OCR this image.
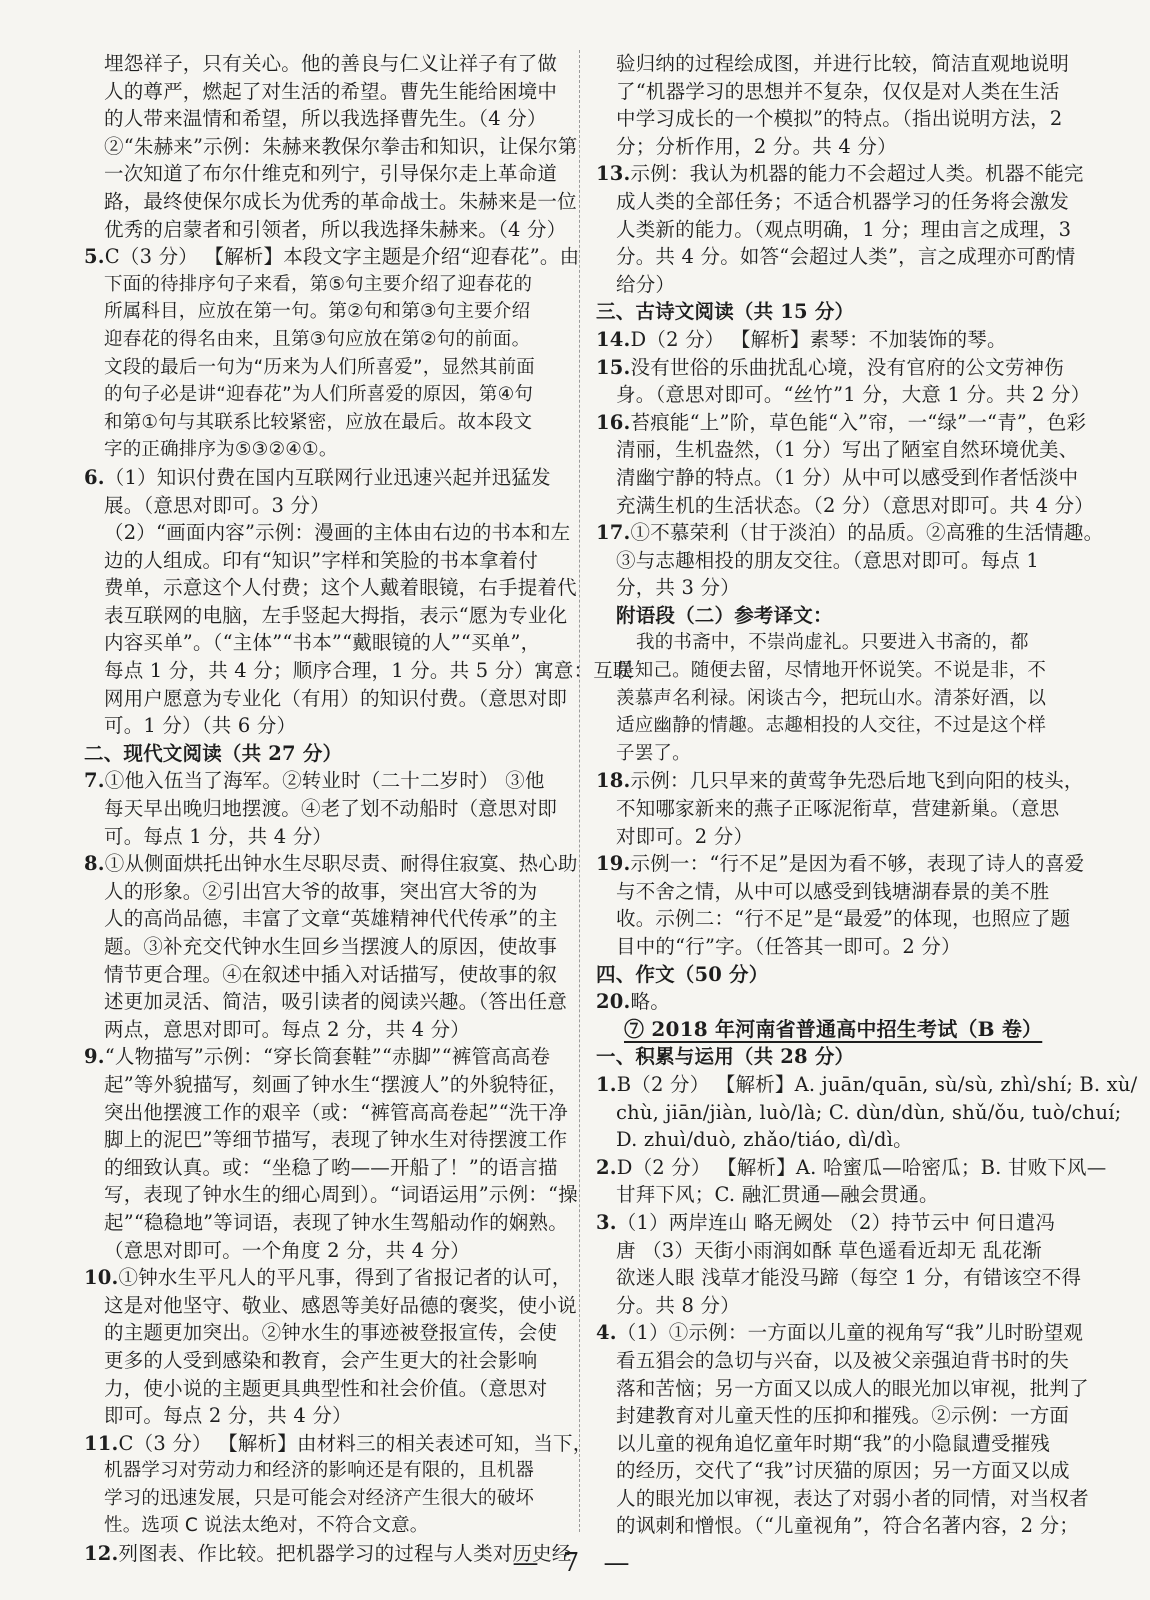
埋怨祥子，只有关心。他的善良与仁义让祥子有了做
人的尊严，燃起了对生活的希望。曹先生能给困境中
的人带来温情和希望，所以我选择曹先生。（4 分）
②“朱赫来”示例：朱赫来教保尔拳击和知识，让保尔第
一次知道了布尔什维克和列宁，引导保尔走上革命道
路，最终使保尔成长为优秀的革命战士。朱赫来是一位
优秀的启蒙者和引领者，所以我选择朱赫来。（4 分）
5.C（3 分） 【解析】本段文字主题是介绍“迎春花”。由
下面的待排序句子来看，第⑤句主要介绍了迎春花的
所属科目，应放在第一句。第②句和第③句主要介绍
迎春花的得名由来，且第③句应放在第②句的前面。
文段的最后一句为“历来为人们所喜爱”，显然其前面
的句子必是讲“迎春花”为人们所喜爱的原因，第④句
和第①句与其联系比较紧密，应放在最后。故本段文
字的正确排序为⑤③②④①。
6.（1）知识付费在国内互联网行业迅速兴起并迅猛发
展。（意思对即可。3 分）
（2）“画面内容”示例：漫画的主体由右边的书本和左
边的人组成。印有“知识”字样和笑脸的书本拿着付
费单，示意这个人付费；这个人戴着眼镜，右手提着代
表互联网的电脑，左手竖起大拇指，表示“愿为专业化
内容买单”。（“主体”“书本”“戴眼镜的人”“买单”，
每点 1 分，共 4 分；顺序合理，1 分。共 5 分）寓意：互联
网用户愿意为专业化（有用）的知识付费。（意思对即
可。1 分）（共 6 分）
二、现代文阅读（共 27 分）
7.①他入伍当了海军。②转业时（二十二岁时） ③他
每天早出晚归地摆渡。④老了划不动船时（意思对即
可。每点 1 分，共 4 分）
8.①从侧面烘托出钟水生尽职尽责、耐得住寂寞、热心助
人的形象。②引出宫大爷的故事，突出宫大爷的为
人的高尚品德，丰富了文章“英雄精神代代传承”的主
题。③补充交代钟水生回乡当摆渡人的原因，使故事
情节更合理。④在叙述中插入对话描写，使故事的叙
述更加灵活、简洁，吸引读者的阅读兴趣。（答出任意
两点，意思对即可。每点 2 分，共 4 分）
9.“人物描写”示例：“穿长筒套鞋”“赤脚”“裤管高高卷
起”等外貌描写，刻画了钟水生“摆渡人”的外貌特征，
突出他摆渡工作的艰辛（或：“裤管高高卷起”“洗干净
脚上的泥巴”等细节描写，表现了钟水生对待摆渡工作
的细致认真。或：“坐稳了哟——开船了！”的语言描
写，表现了钟水生的细心周到）。“词语运用”示例：“操
起”“稳稳地”等词语，表现了钟水生驾船动作的娴熟。
（意思对即可。一个角度 2 分，共 4 分）
10.①钟水生平凡人的平凡事，得到了省报记者的认可，
这是对他坚守、敬业、感恩等美好品德的褒奖，使小说
的主题更加突出。②钟水生的事迹被登报宣传，会使
更多的人受到感染和教育，会产生更大的社会影响
力，使小说的主题更具典型性和社会价值。（意思对
即可。每点 2 分，共 4 分）
11.C（3 分） 【解析】由材料三的相关表述可知，当下，
机器学习对劳动力和经济的影响还是有限的，且机器
学习的迅速发展，只是可能会对经济产生很大的破坏
性。选项 C 说法太绝对，不符合文意。
12.列图表、作比较。把机器学习的过程与人类对历史经
验归纳的过程绘成图，并进行比较，简洁直观地说明
了“机器学习的思想并不复杂，仅仅是对人类在生活
中学习成长的一个模拟”的特点。（指出说明方法，2
分；分析作用，2 分。共 4 分）
13.示例：我认为机器的能力不会超过人类。机器不能完
成人类的全部任务；不适合机器学习的任务将会激发
人类新的能力。（观点明确，1 分；理由言之成理，3
分。共 4 分。如答“会超过人类”，言之成理亦可酌情
给分）
三、古诗文阅读（共 15 分）
14.D（2 分） 【解析】素琴：不加装饰的琴。
15.没有世俗的乐曲扰乱心境，没有官府的公文劳神伤
身。（意思对即可。“丝竹”1 分，大意 1 分。共 2 分）
16.苔痕能“上”阶，草色能“入”帘，一“绿”一“青”，色彩
清丽，生机盎然，（1 分）写出了陋室自然环境优美、
清幽宁静的特点。（1 分）从中可以感受到作者恬淡中
充满生机的生活状态。（2 分）（意思对即可。共 4 分）
17.①不慕荣利（甘于淡泊）的品质。②高雅的生活情趣。
③与志趣相投的朋友交往。（意思对即可。每点 1
分，共 3 分）
附语段（二）参考译文：
我的书斋中，不崇尚虚礼。只要进入书斋的，都
是知己。随便去留，尽情地开怀说笑。不说是非，不
羡慕声名利禄。闲谈古今，把玩山水。清茶好酒，以
适应幽静的情趣。志趣相投的人交往，不过是这个样
子罢了。
18.示例：几只早来的黄莺争先恐后地飞到向阳的枝头，
不知哪家新来的燕子正啄泥衔草，营建新巢。（意思
对即可。2 分）
19.示例一：“行不足”是因为看不够，表现了诗人的喜爱
与不舍之情，从中可以感受到钱塘湖春景的美不胜
收。示例二：“行不足”是“最爱”的体现，也照应了题
目中的“行”字。（任答其一即可。2 分）
四、作文（50 分）
20.略。
⑦ 2018 年河南省普通高中招生考试（B 卷）
一、积累与运用（共 28 分）
1.B（2 分） 【解析】A. juān/quān, sù/sù, zhì/shí; B. xù/
chù, jiān/jiàn, luò/là; C. dùn/dùn, shǔ/ǒu, tuò/chuí;
D. zhuì/duò, zhǎo/tiáo, dì/dì。
2.D（2 分） 【解析】A. 哈蜜瓜—哈密瓜；B. 甘败下风—
甘拜下风；C. 融汇贯通—融会贯通。
3.（1）两岸连山 略无阙处 （2）持节云中 何日遣冯
唐 （3）天街小雨润如酥 草色遥看近却无 乱花渐
欲迷人眼 浅草才能没马蹄（每空 1 分，有错该空不得
分。共 8 分）
4.（1）①示例：一方面以儿童的视角写“我”儿时盼望观
看五猖会的急切与兴奋，以及被父亲强迫背书时的失
落和苦恼；另一方面又以成人的眼光加以审视，批判了
封建教育对儿童天性的压抑和摧残。②示例：一方面
以儿童的视角追忆童年时期“我”的小隐鼠遭受摧残
的经历，交代了“我”讨厌猫的原因；另一方面又以成
人的眼光加以审视，表达了对弱小者的同情，对当权者
的讽刺和憎恨。（“儿童视角”，符合名著内容，2 分；
— 7 —
